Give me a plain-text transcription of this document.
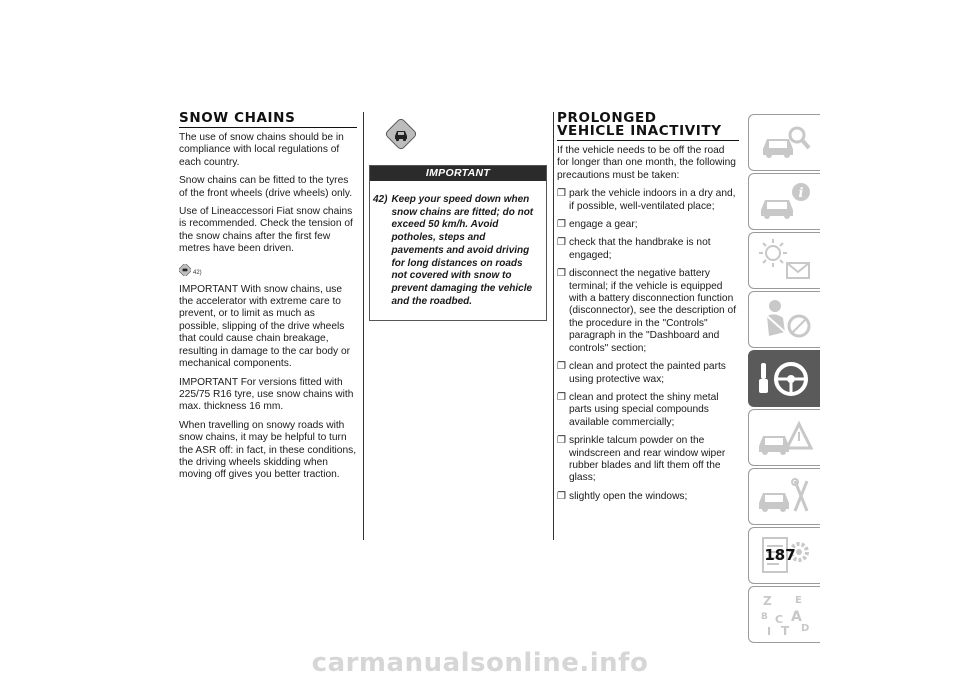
SNOW CHAINS

The use of snow chains should be in compliance with local regulations of each country.

Snow chains can be fitted to the tyres of the front wheels (drive wheels) only.

Use of Lineaccessori Fiat snow chains is recommended. Check the tension of the snow chains after the first few metres have been driven.

42)

IMPORTANT With snow chains, use the accelerator with extreme care to prevent, or to limit as much as possible, slipping of the drive wheels that could cause chain breakage, resulting in damage to the car body or mechanical components.

IMPORTANT For versions fitted with 225/75 R16 tyre, use snow chains with max. thickness 16 mm.

When travelling on snowy roads with snow chains, it may be helpful to turn the ASR off: in fact, in these conditions, the driving wheels skidding when moving off gives you better traction.

IMPORTANT
42) Keep your speed down when snow chains are fitted; do not exceed 50 km/h. Avoid potholes, steps and pavements and avoid driving for long distances on roads not covered with snow to prevent damaging the vehicle and the roadbed.
PROLONGED
VEHICLE INACTIVITY

If the vehicle needs to be off the road for longer than one month, the following precautions must be taken:

❐ park the vehicle indoors in a dry and, if possible, well-ventilated place;
❐ engage a gear;
❐ check that the handbrake is not engaged;
❐ disconnect the negative battery terminal; if the vehicle is equipped with a battery disconnection function (disconnector), see the description of the procedure in the "Controls" paragraph in the "Dashboard and controls" section;
❐ clean and protect the painted parts using protective wax;
❐ clean and protect the shiny metal parts using special compounds available commercially;
❐ sprinkle talcum powder on the windscreen and rear window wiper rubber blades and lift them off the glass;
❐ slightly open the windows;
i
Z E B A C I T D
187
carmanualsonline.info
